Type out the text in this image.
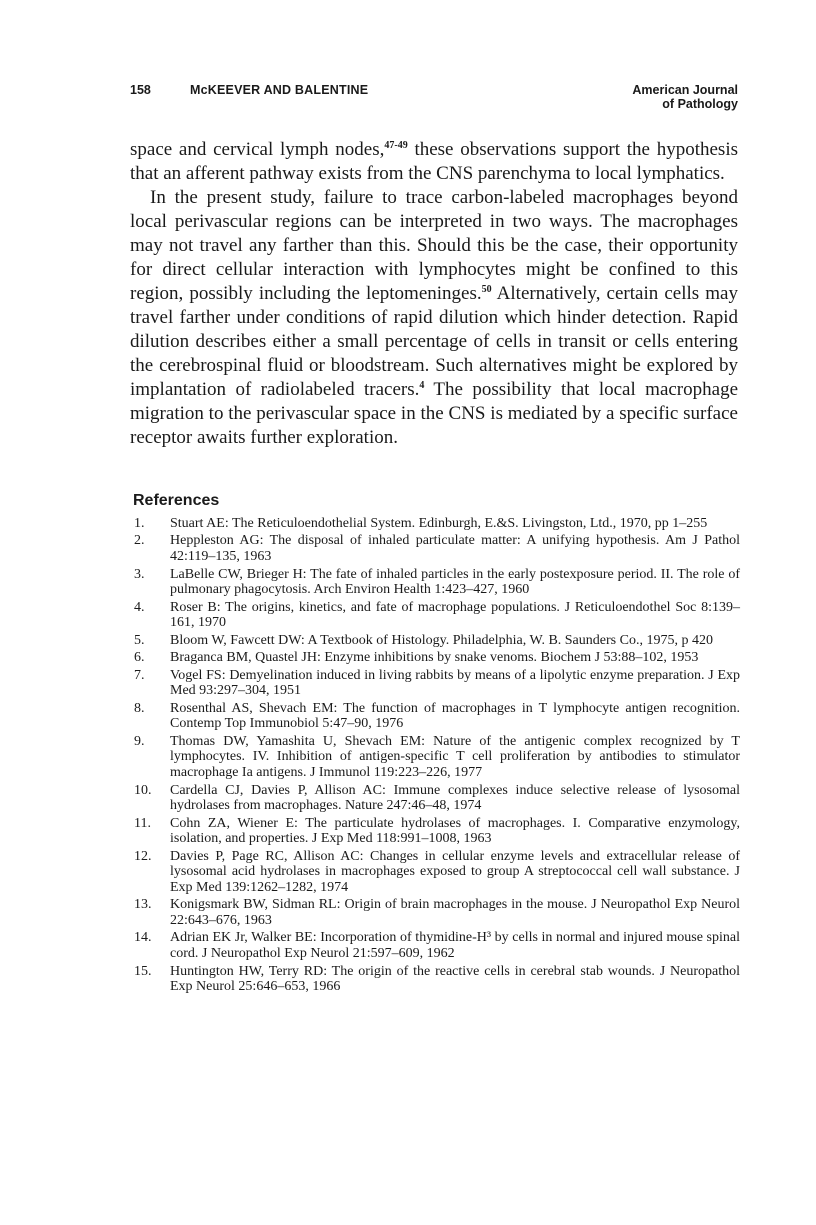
158	McKEEVER AND BALENTINE	American Journal
of Pathology

space and cervical lymph nodes,$^{47-49}$ these observations support the hypothesis that an afferent pathway exists from the CNS parenchyma to local lymphatics.

In the present study, failure to trace carbon-labeled macrophages beyond local perivascular regions can be interpreted in two ways. The macrophages may not travel any farther than this. Should this be the case, their opportunity for direct cellular interaction with lymphocytes might be confined to this region, possibly including the leptomeninges.$^{50}$ Alternatively, certain cells may travel farther under conditions of rapid dilution which hinder detection. Rapid dilution describes either a small percentage of cells in transit or cells entering the cerebrospinal fluid or bloodstream. Such alternatives might be explored by implantation of radiolabeled tracers.$^4$ The possibility that local macrophage migration to the perivascular space in the CNS is mediated by a specific surface receptor awaits further exploration.

References
1.	Stuart AE: The Reticuloendothelial System. Edinburgh, E.&S. Livingston, Ltd., 1970, pp 1–255
2.	Heppleston AG: The disposal of inhaled particulate matter: A unifying hypothesis. Am J Pathol 42:119–135, 1963
3.	LaBelle CW, Brieger H: The fate of inhaled particles in the early postexposure period. II. The role of pulmonary phagocytosis. Arch Environ Health 1:423–427, 1960
4.	Roser B: The origins, kinetics, and fate of macrophage populations. J Reticuloendothel Soc 8:139–161, 1970
5.	Bloom W, Fawcett DW: A Textbook of Histology. Philadelphia, W. B. Saunders Co., 1975, p 420
6.	Braganca BM, Quastel JH: Enzyme inhibitions by snake venoms. Biochem J 53:88–102, 1953
7.	Vogel FS: Demyelination induced in living rabbits by means of a lipolytic enzyme preparation. J Exp Med 93:297–304, 1951
8.	Rosenthal AS, Shevach EM: The function of macrophages in T lymphocyte antigen recognition. Contemp Top Immunobiol 5:47–90, 1976
9.	Thomas DW, Yamashita U, Shevach EM: Nature of the antigenic complex recognized by T lymphocytes. IV. Inhibition of antigen-specific T cell proliferation by antibodies to stimulator macrophage Ia antigens. J Immunol 119:223–226, 1977
10.	Cardella CJ, Davies P, Allison AC: Immune complexes induce selective release of lysosomal hydrolases from macrophages. Nature 247:46–48, 1974
11.	Cohn ZA, Wiener E: The particulate hydrolases of macrophages. I. Comparative enzymology, isolation, and properties. J Exp Med 118:991–1008, 1963
12.	Davies P, Page RC, Allison AC: Changes in cellular enzyme levels and extracellular release of lysosomal acid hydrolases in macrophages exposed to group A streptococcal cell wall substance. J Exp Med 139:1262–1282, 1974
13.	Konigsmark BW, Sidman RL: Origin of brain macrophages in the mouse. J Neuropathol Exp Neurol 22:643–676, 1963
14.	Adrian EK Jr, Walker BE: Incorporation of thymidine-H³ by cells in normal and injured mouse spinal cord. J Neuropathol Exp Neurol 21:597–609, 1962
15.	Huntington HW, Terry RD: The origin of the reactive cells in cerebral stab wounds. J Neuropathol Exp Neurol 25:646–653, 1966
